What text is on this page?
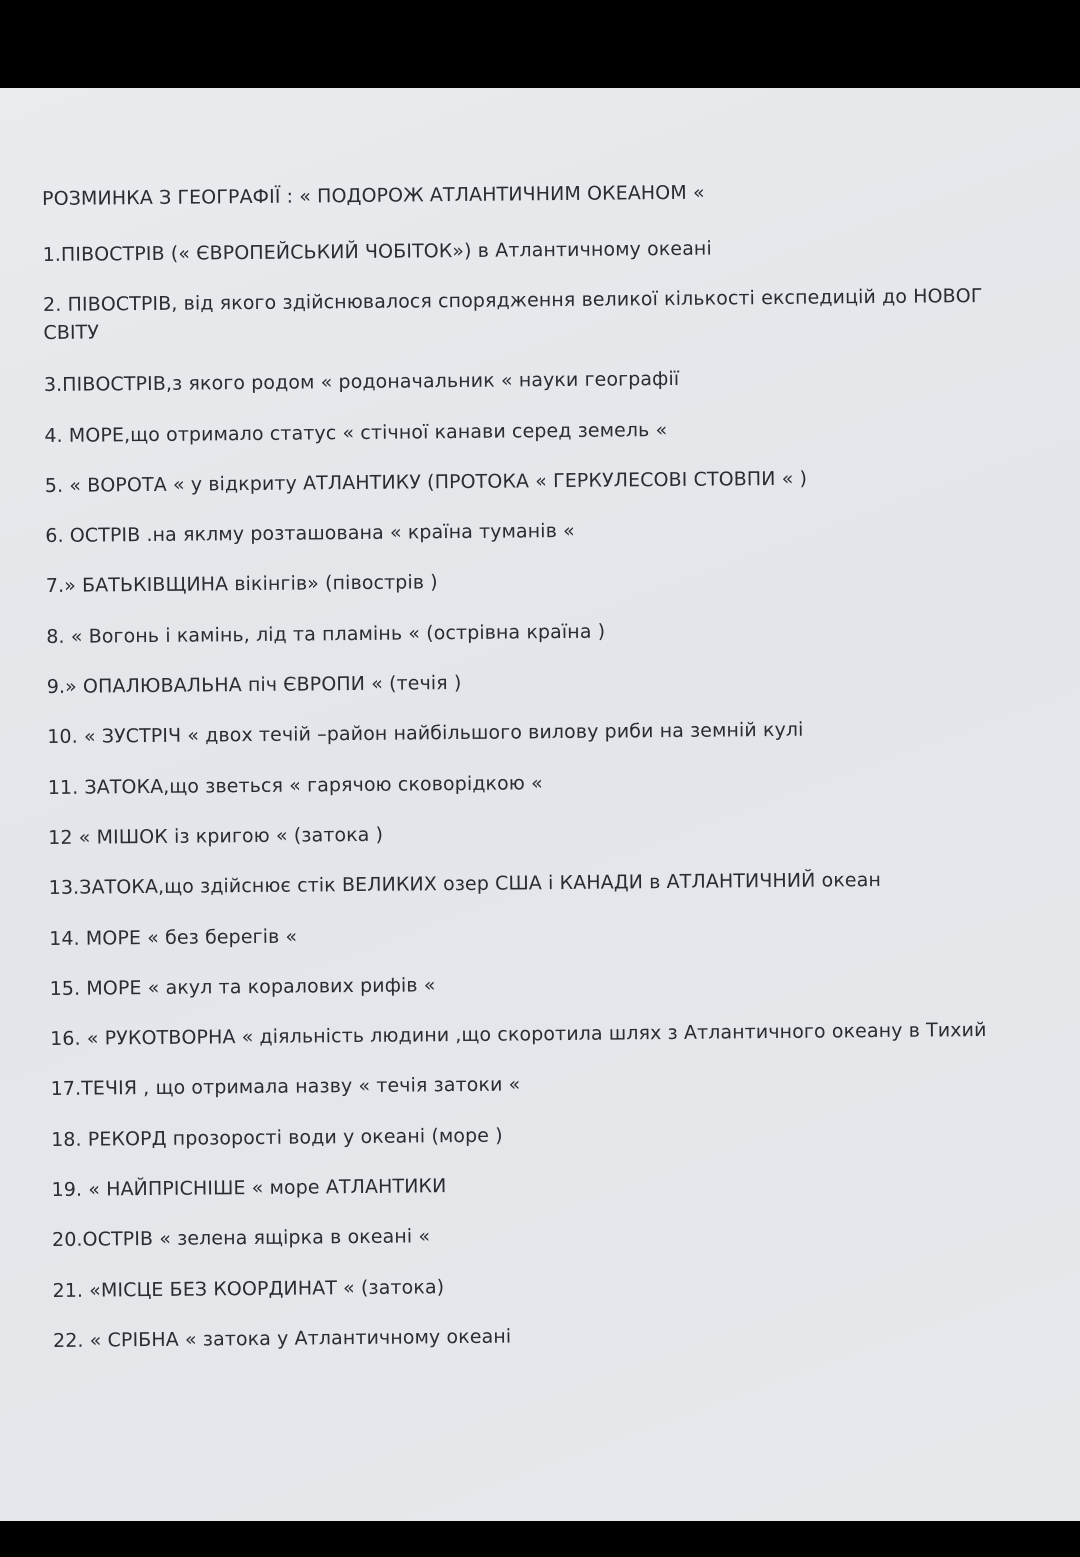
РОЗМИНКА З ГЕОГРАФІЇ : « ПОДОРОЖ АТЛАНТИЧНИМ ОКЕАНОМ «
1.ПІВОСТРІВ (« ЄВРОПЕЙСЬКИЙ ЧОБІТОК») в Атлантичному океані
2. ПІВОСТРІВ, від якого здійснювалося спорядження великої кількості експедицій до НОВОГ
СВІТУ
3.ПІВОСТРІВ,з якого родом « родоначальник « науки географії
4. МОРЕ,що отримало статус « стічної канави серед земель «
5. « ВОРОТА « у відкриту АТЛАНТИКУ (ПРОТОКА « ГЕРКУЛЕСОВІ СТОВПИ « )
6. ОСТРІВ .на яклму розташована « країна туманів «
7.» БАТЬКІВЩИНА вікінгів» (півострів )
8. « Вогонь і камінь, лід та пламінь « (острівна країна )
9.» ОПАЛЮВАЛЬНА піч ЄВРОПИ « (течія )
10. « ЗУСТРІЧ « двох течій –район найбільшого вилову риби на земній кулі
11. ЗАТОКА,що зветься « гарячою сковорідкою «
12 « МІШОК із кригою « (затока )
13.ЗАТОКА,що здійснює стік ВЕЛИКИХ озер США і КАНАДИ в АТЛАНТИЧНИЙ океан
14. МОРЕ « без берегів «
15. МОРЕ « акул та коралових рифів «
16. « РУКОТВОРНА « діяльність людини ,що скоротила шлях з Атлантичного океану в Тихий
17.ТЕЧІЯ , що отримала назву « течія затоки «
18. РЕКОРД прозорості води у океані (море )
19. « НАЙПРІСНІШЕ « море АТЛАНТИКИ
20.ОСТРІВ « зелена ящірка в океані «
21. «МІСЦЕ БЕЗ КООРДИНАТ « (затока)
22. « СРІБНА « затока у Атлантичному океані
